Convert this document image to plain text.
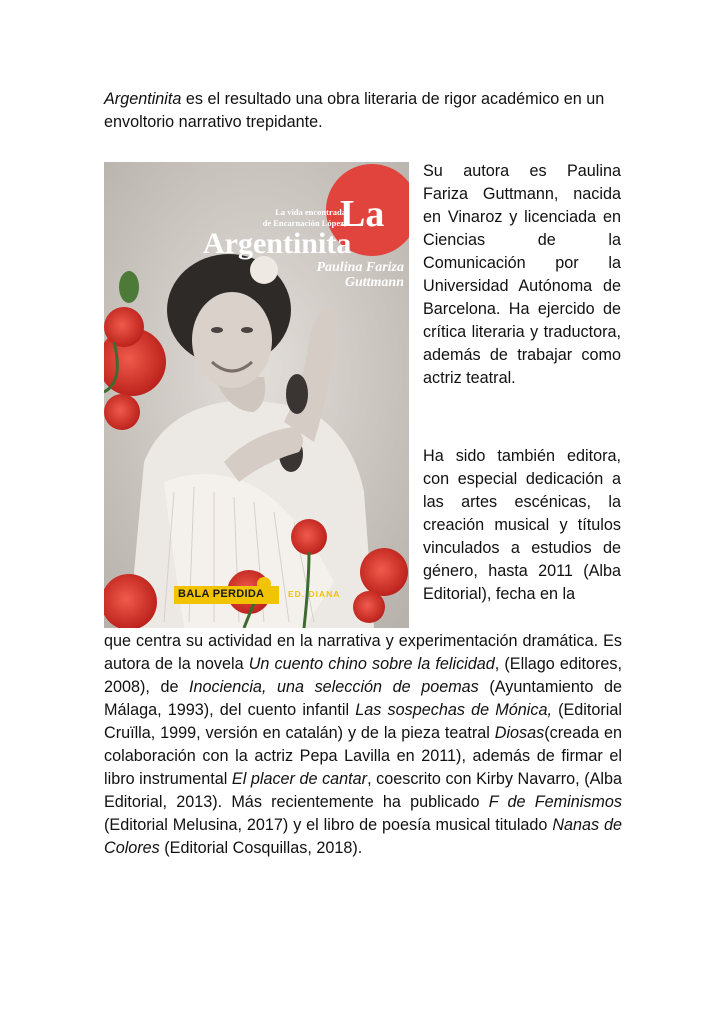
Argentinita es el resultado una obra literaria de rigor académico en un envoltorio narrativo trepidante.

La vida encontrada
de Encarnación López,
La
Argentinita
Paulina Fariza
Guttmann
BALA PERDIDA	ED. DIANA

Su autora es Paulina Fariza Guttmann, nacida en Vinaroz y licenciada en Ciencias de la Comunicación por la Universidad Autónoma de Barcelona. Ha ejercido de crítica literaria y traductora, además de trabajar como actriz teatral.

Ha sido también editora, con especial dedicación a las artes escénicas, la creación musical y títulos vinculados a estudios de género, hasta 2011 (Alba Editorial), fecha en la

que centra su actividad en la narrativa y experimentación dramática. Es autora de la novela Un cuento chino sobre la felicidad, (Ellago editores, 2008), de Inociencia, una selección de poemas (Ayuntamiento de Málaga, 1993), del cuento infantil Las sospechas de Mónica, (Editorial Cruïlla, 1999, versión en catalán) y de la pieza teatral Diosas(creada en colaboración con la actriz Pepa Lavilla en 2011), además de firmar el libro instrumental El placer de cantar, coescrito con Kirby Navarro, (Alba Editorial, 2013). Más recientemente ha publicado F de Feminismos (Editorial Melusina, 2017) y el libro de poesía musical titulado Nanas de Colores (Editorial Cosquillas, 2018).
